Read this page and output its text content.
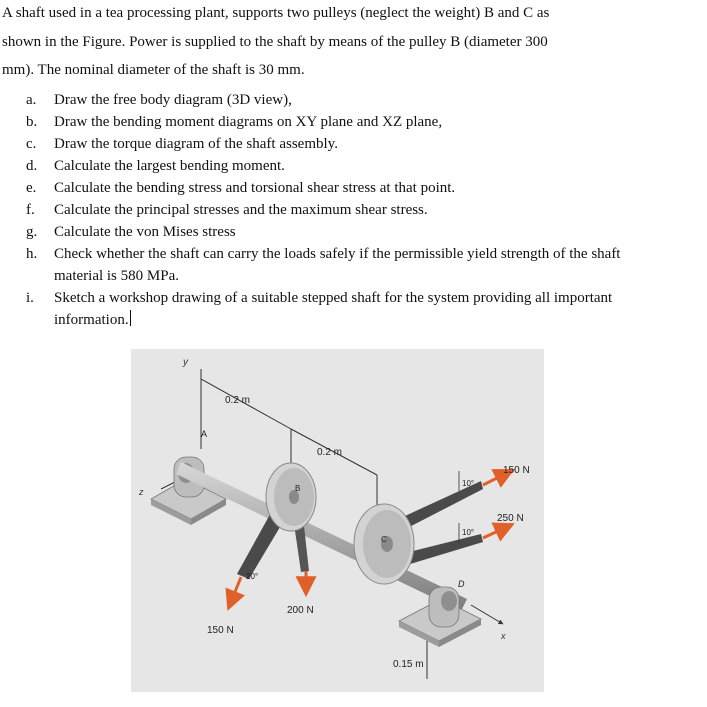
A shaft used in a tea processing plant, supports two pulleys (neglect the weight) B and C as
shown in the Figure. Power is supplied to the shaft by means of the pulley B (diameter 300
mm). The nominal diameter of the shaft is 30 mm.
a.	Draw the free body diagram (3D view),
b.	Draw the bending moment diagrams on XY plane and XZ plane,
c.	Draw the torque diagram of the shaft assembly.
d.	Calculate the largest bending moment.
e.	Calculate the bending stress and torsional shear stress at that point.
f.	Calculate the principal stresses and the maximum shear stress.
g.	Calculate the von Mises stress
h.	Check whether the shaft can carry the loads safely if the permissible yield strength of the shaft
material is 580 MPa.
i.	Sketch a workshop drawing of a suitable stepped shaft for the system providing all important
information.
y
z
0.2 m
0.2 m
0.15 m
A
B
C
D
x
150 N
250 N
200 N
150 N
10°
10°
20°
